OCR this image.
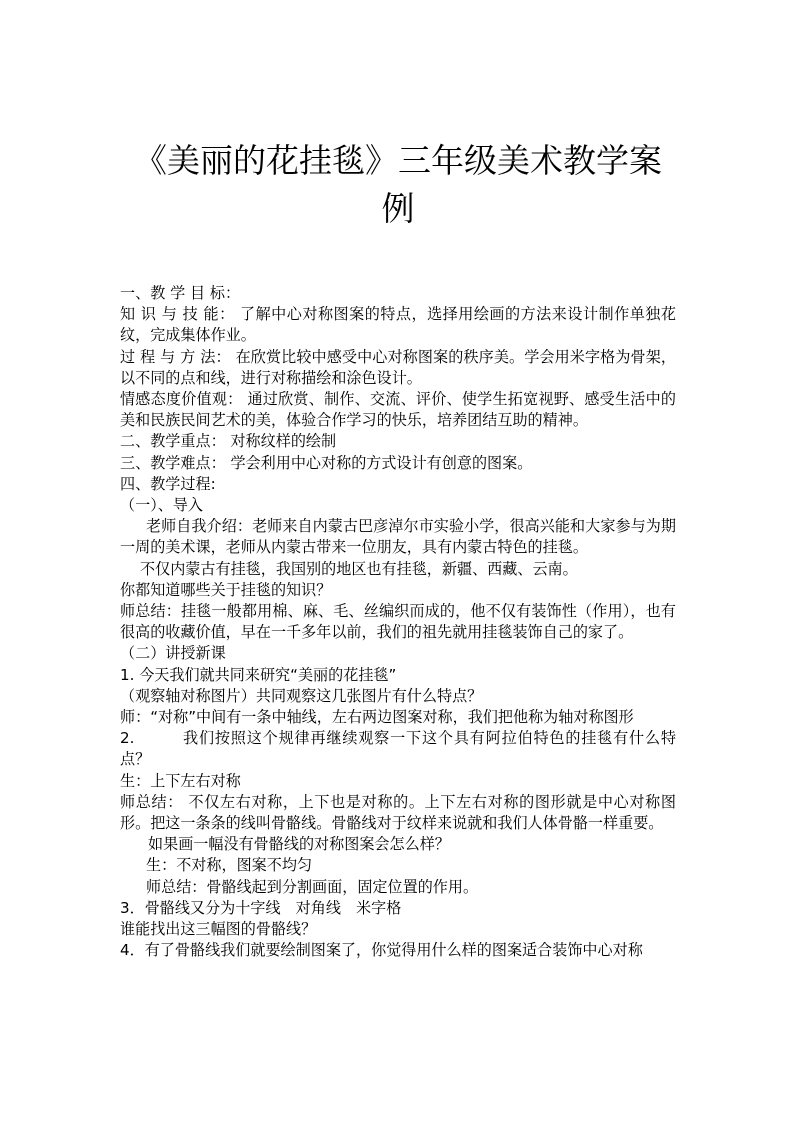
《美丽的花挂毯》三年级美术教学案例

一、教 学 目 标：

知 识 与 技 能： 了解中心对称图案的特点，选择用绘画的方法来设计制作单独花纹，完成集体作业。

过 程 与 方 法： 在欣赏比较中感受中心对称图案的秩序美。学会用米字格为骨架，以不同的点和线，进行对称描绘和涂色设计。

情感态度价值观： 通过欣赏、制作、交流、评价、使学生拓宽视野、感受生活中的美和民族民间艺术的美，体验合作学习的快乐，培养团结互助的精神。

二、教学重点： 对称纹样的绘制

三、教学难点： 学会利用中心对称的方式设计有创意的图案。

四、教学过程:

（一）、导入

老师自我介绍：老师来自内蒙古巴彦淖尔市实验小学，很高兴能和大家参与为期一周的美术课，老师从内蒙古带来一位朋友，具有内蒙古特色的挂毯。

不仅内蒙古有挂毯，我国别的地区也有挂毯，新疆、西藏、云南。

你都知道哪些关于挂毯的知识？

师总结：挂毯一般都用棉、麻、毛、丝编织而成的，他不仅有装饰性（作用），也有很高的收藏价值，早在一千多年以前，我们的祖先就用挂毯装饰自己的家了。

（二）讲授新课

1. 今天我们就共同来研究“美丽的花挂毯”

（观察轴对称图片）共同观察这几张图片有什么特点？

师：“对称”中间有一条中轴线，左右两边图案对称，我们把他称为轴对称图形

2.　　　我们按照这个规律再继续观察一下这个具有阿拉伯特色的挂毯有什么特点？

生：上下左右对称

师总结： 不仅左右对称，上下也是对称的。上下左右对称的图形就是中心对称图形。把这一条条的线叫骨骼线。骨骼线对于纹样来说就和我们人体骨骼一样重要。

如果画一幅没有骨骼线的对称图案会怎么样？

生：不对称，图案不均匀

师总结：骨骼线起到分割画面，固定位置的作用。

3．骨骼线又分为十字线　对角线　米字格

谁能找出这三幅图的骨骼线？

4．有了骨骼线我们就要绘制图案了，你觉得用什么样的图案适合装饰中心对称
